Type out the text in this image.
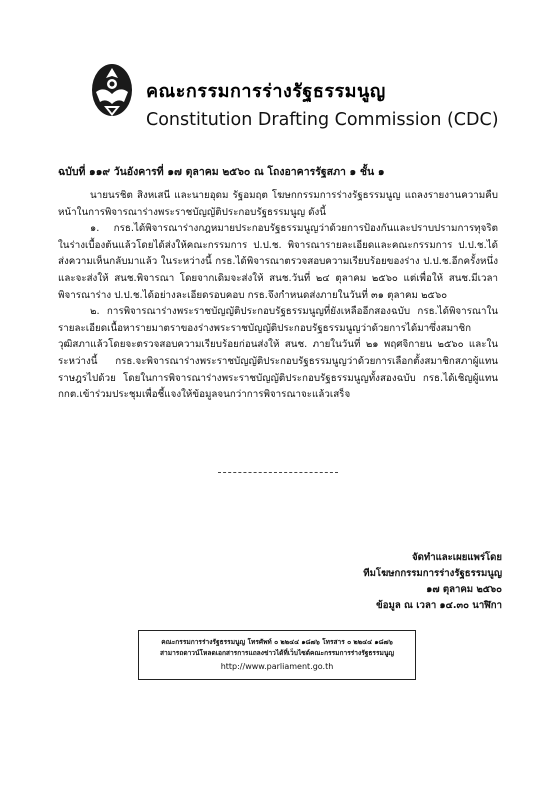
คณะกรรมการร่างรัฐธรรมนูญ
Constitution Drafting Commission (CDC)
ฉบับที่ ๑๑๙ วันอังคารที่ ๑๗ ตุลาคม ๒๕๖๐ ณ โถงอาคารรัฐสภา ๑ ชั้น ๑

นายนรชิต สิงหเสนี และนายอุดม รัฐอมฤต โฆษกกรรมการร่างรัฐธรรมนูญ แถลงรายงานความคืบหน้าในการพิจารณาร่างพระราชบัญญัติประกอบรัฐธรรมนูญ ดังนี้

๑. กรธ.ได้พิจารณาร่างกฎหมายประกอบรัฐธรรมนูญว่าด้วยการป้องกันและปราบปรามการทุจริตในร่างเบื้องต้นแล้วโดยได้ส่งให้คณะกรรมการ ป.ป.ช. พิจารณารายละเอียดและคณะกรรมการ ป.ป.ช.ได้ส่งความเห็นกลับมาแล้ว ในระหว่างนี้ กรธ.ได้พิจารณาตรวจสอบความเรียบร้อยของร่าง ป.ป.ช.อีกครั้งหนึ่งและจะส่งให้ สนช.พิจารณา โดยจากเดิมจะส่งให้ สนช.วันที่ ๒๔ ตุลาคม ๒๕๖๐ แต่เพื่อให้ สนช.มีเวลาพิจารณาร่าง ป.ป.ช.ได้อย่างละเอียดรอบคอบ กรธ.จึงกำหนดส่งภายในวันที่ ๓๑ ตุลาคม ๒๕๖๐

๒. การพิจารณาร่างพระราชบัญญัติประกอบรัฐธรรมนูญที่ยังเหลืออีกสองฉบับ กรธ.ได้พิจารณาในรายละเอียดเนื้อหารายมาตราของร่างพระราชบัญญัติประกอบรัฐธรรมนูญว่าด้วยการได้มาซึ่งสมาชิกวุฒิสภาแล้วโดยจะตรวจสอบความเรียบร้อยก่อนส่งให้ สนช. ภายในวันที่ ๒๑ พฤศจิกายน ๒๕๖๐ และในระหว่างนี้ กรธ.จะพิจารณาร่างพระราชบัญญัติประกอบรัฐธรรมนูญว่าด้วยการเลือกตั้งสมาชิกสภาผู้แทนราษฎรไปด้วย โดยในการพิจารณาร่างพระราชบัญญัติประกอบรัฐธรรมนูญทั้งสองฉบับ กรธ.ได้เชิญผู้แทน กกต.เข้าร่วมประชุมเพื่อชี้แจงให้ข้อมูลจนกว่าการพิจารณาจะแล้วเสร็จ

จัดทำและเผยแพร่โดย
ทีมโฆษกกรรมการร่างรัฐธรรมนูญ
๑๗ ตุลาคม ๒๕๖๐
ข้อมูล ณ เวลา ๑๔.๓๐ นาฬิกา
คณะกรรมการร่างรัฐธรรมนูญ โทรศัพท์ ๐ ๒๒๔๔ ๑๘๗๖ โทรสาร ๐ ๒๒๔๔ ๑๘๗๖
สามารถดาวน์โหลดเอกสารการแถลงข่าวได้ที่เว็บไซต์คณะกรรมการร่างรัฐธรรมนูญ
http://www.parliament.go.th
